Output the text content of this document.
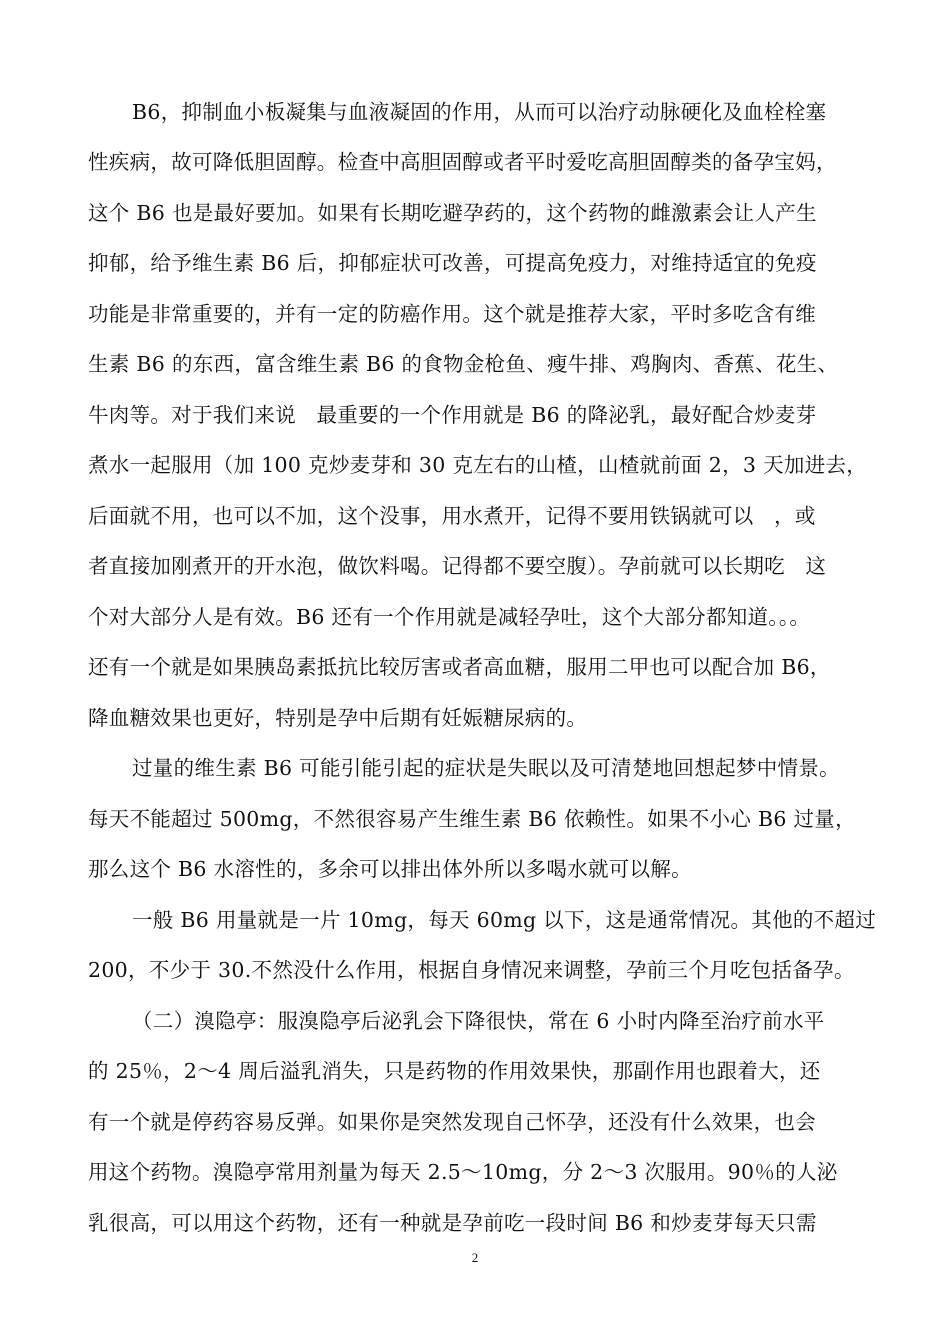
B6，抑制血小板凝集与血液凝固的作用，从而可以治疗动脉硬化及血栓栓塞
性疾病，故可降低胆固醇。检查中高胆固醇或者平时爱吃高胆固醇类的备孕宝妈，
这个 B6 也是最好要加。如果有长期吃避孕药的，这个药物的雌激素会让人产生
抑郁，给予维生素 B6 后，抑郁症状可改善，可提高免疫力，对维持适宜的免疫
功能是非常重要的，并有一定的防癌作用。这个就是推荐大家，平时多吃含有维
生素 B6 的东西，富含维生素 B6 的食物金枪鱼、瘦牛排、鸡胸肉、香蕉、花生、
牛肉等。对于我们来说   最重要的一个作用就是 B6 的降泌乳，最好配合炒麦芽
煮水一起服用（加 100 克炒麦芽和 30 克左右的山楂，山楂就前面 2，3 天加进去，
后面就不用，也可以不加，这个没事，用水煮开，记得不要用铁锅就可以   ，或
者直接加刚煮开的开水泡，做饮料喝。记得都不要空腹）。孕前就可以长期吃   这
个对大部分人是有效。B6 还有一个作用就是减轻孕吐，这个大部分都知道。。。
还有一个就是如果胰岛素抵抗比较厉害或者高血糖，服用二甲也可以配合加 B6，
降血糖效果也更好，特别是孕中后期有妊娠糖尿病的。
过量的维生素 B6 可能引能引起的症状是失眠以及可清楚地回想起梦中情景。
每天不能超过 500mg，不然很容易产生维生素 B6 依赖性。如果不小心 B6 过量，
那么这个 B6 水溶性的，多余可以排出体外所以多喝水就可以解。
一般 B6 用量就是一片 10mg，每天 60mg 以下，这是通常情况。其他的不超过
200，不少于 30.不然没什么作用，根据自身情况来调整，孕前三个月吃包括备孕。
（二）溴隐亭：服溴隐亭后泌乳会下降很快，常在 6 小时内降至治疗前水平
的 25％，2～4 周后溢乳消失，只是药物的作用效果快，那副作用也跟着大，还
有一个就是停药容易反弹。如果你是突然发现自己怀孕，还没有什么效果，也会
用这个药物。溴隐亭常用剂量为每天 2.5～10mg，分 2～3 次服用。90％的人泌
乳很高，可以用这个药物，还有一种就是孕前吃一段时间 B6 和炒麦芽每天只需
2
